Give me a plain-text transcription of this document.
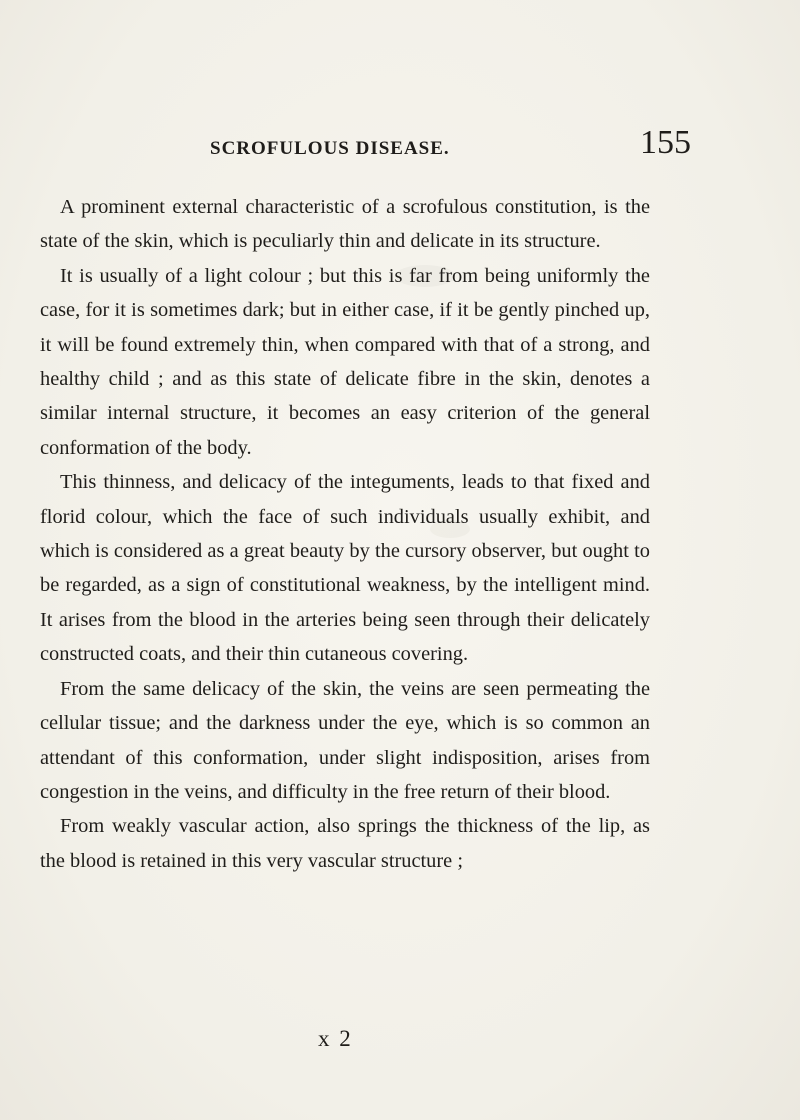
SCROFULOUS DISEASE.	155

A prominent external characteristic of a scrofulous constitution, is the state of the skin, which is peculiarly thin and delicate in its structure.

It is usually of a light colour ; but this is far from being uniformly the case, for it is sometimes dark; but in either case, if it be gently pinched up, it will be found extremely thin, when compared with that of a strong, and healthy child ; and as this state of delicate fibre in the skin, denotes a similar internal structure, it becomes an easy criterion of the general conformation of the body.

This thinness, and delicacy of the integuments, leads to that fixed and florid colour, which the face of such individuals usually exhibit, and which is considered as a great beauty by the cursory observer, but ought to be regarded, as a sign of constitutional weakness, by the intelligent mind. It arises from the blood in the arteries being seen through their delicately constructed coats, and their thin cutaneous covering.

From the same delicacy of the skin, the veins are seen permeating the cellular tissue; and the darkness under the eye, which is so common an attendant of this conformation, under slight indisposition, arises from congestion in the veins, and difficulty in the free return of their blood.

From weakly vascular action, also springs the thickness of the lip, as the blood is retained in this very vascular structure ;

x 2
